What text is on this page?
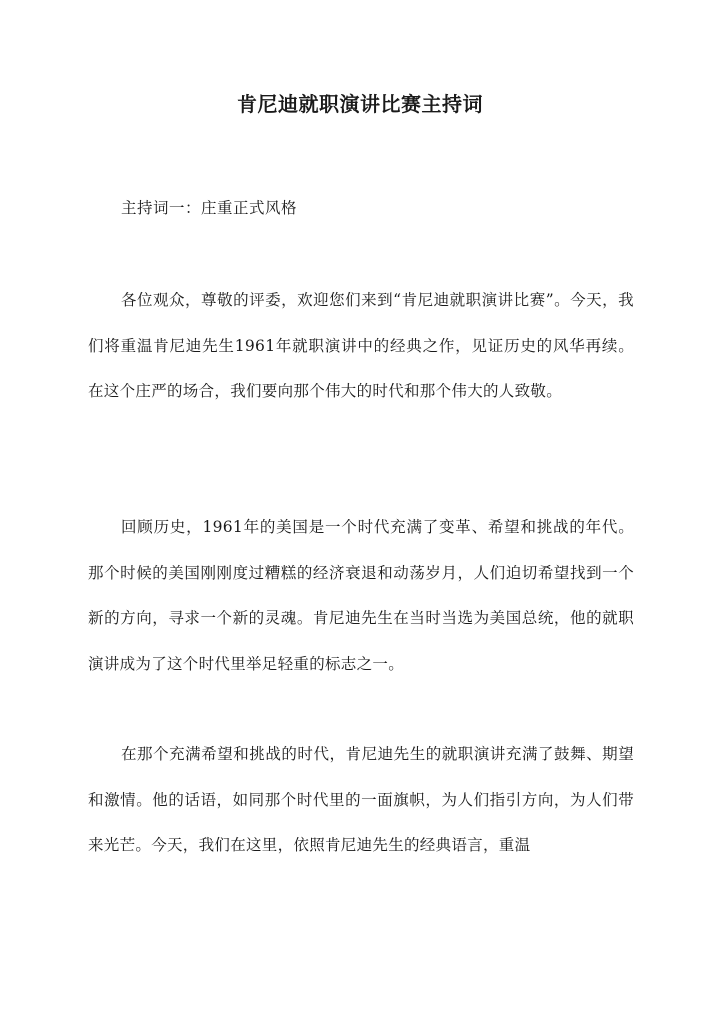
肯尼迪就职演讲比赛主持词
主持词一：庄重正式风格

各位观众，尊敬的评委，欢迎您们来到“肯尼迪就职演讲比赛”。今天，我们将重温肯尼迪先生1961年就职演讲中的经典之作，见证历史的风华再续。在这个庄严的场合，我们要向那个伟大的时代和那个伟大的人致敬。

回顾历史，1961年的美国是一个时代充满了变革、希望和挑战的年代。那个时候的美国刚刚度过糟糕的经济衰退和动荡岁月，人们迫切希望找到一个新的方向，寻求一个新的灵魂。肯尼迪先生在当时当选为美国总统，他的就职演讲成为了这个时代里举足轻重的标志之一。

在那个充满希望和挑战的时代，肯尼迪先生的就职演讲充满了鼓舞、期望和激情。他的话语，如同那个时代里的一面旗帜，为人们指引方向，为人们带来光芒。今天，我们在这里，依照肯尼迪先生的经典语言，重温
